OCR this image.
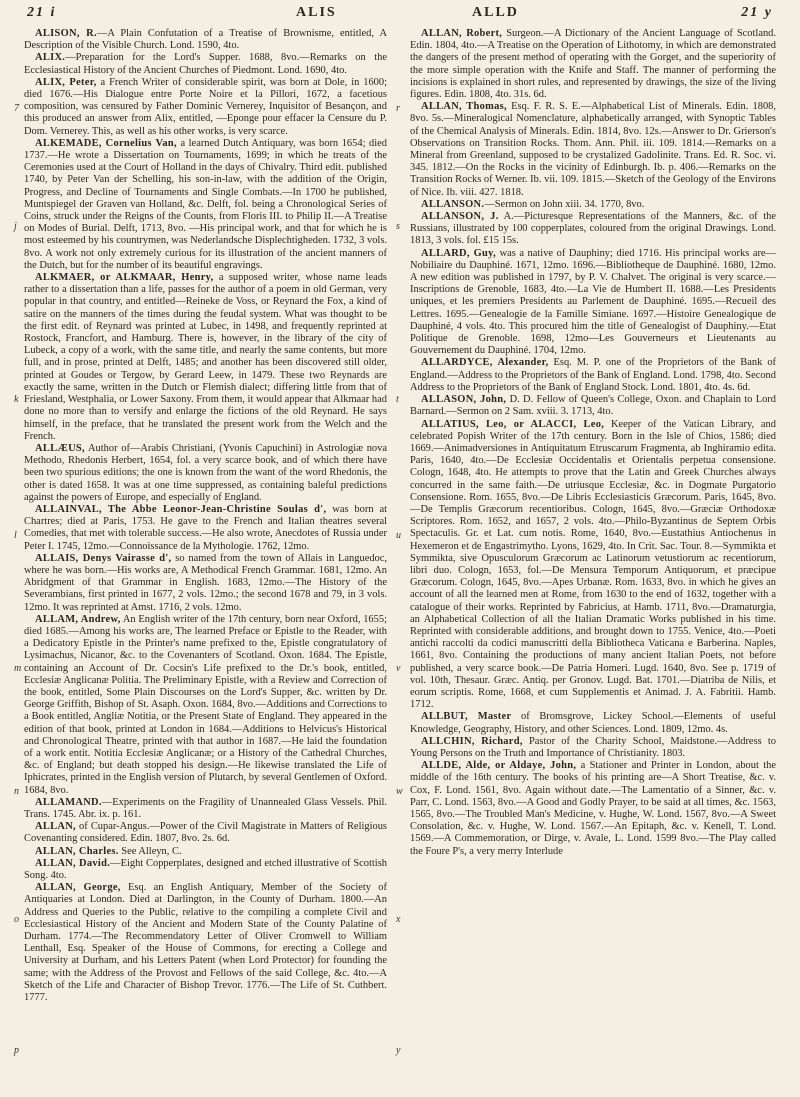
21 i	ALIS	ALLD	21 y
7
j
k
l
m
n
o
p
r
s
t
u
v
w
x
y

ALISON, R.—A Plain Confutation of a Treatise of Brownisme, entitled, A Description of the Visible Church. Lond. 1590, 4to.

ALIX.—Preparation for the Lord's Supper. 1688, 8vo.—Remarks on the Ecclesiastical History of the Ancient Churches of Piedmont. Lond. 1690, 4to.

ALIX, Peter, a French Writer of considerable spirit, was born at Dole, in 1600; died 1676.—His Dialogue entre Porte Noire et la Pillori, 1672, a facetious composition, was censured by Father Dominic Vernerey, Inquisitor of Besançon, and this produced an answer from Alix, entitled, —Eponge pour effacer la Censure du P. Dom. Vernerey. This, as well as his other works, is very scarce.

ALKEMADE, Cornelius Van, a learned Dutch Antiquary, was born 1654; died 1737.—He wrote a Dissertation on Tournaments, 1699; in which he treats of the Ceremonies used at the Court of Holland in the days of Chivalry. Third edit. published 1740, by Peter Van der Schelling, his son-in-law, with the addition of the Origin, Progress, and Decline of Tournaments and Single Combats.—In 1700 he published, Muntspiegel der Graven van Holland, &c. Delft, fol. being a Chronological Series of Coins, struck under the Reigns of the Counts, from Floris III. to Philip II.—A Treatise on Modes of Burial. Delft, 1713, 8vo. —His principal work, and that for which he is most esteemed by his countrymen, was Nederlandsche Displechtigheden. 1732, 3 vols. 8vo. A work not only extremely curious for its illustration of the ancient manners of the Dutch, but for the number of its beautiful engravings.

ALKMAER, or ALKMAAR, Henry, a supposed writer, whose name leads rather to a dissertation than a life, passes for the author of a poem in old German, very popular in that country, and entitled—Reineke de Voss, or Reynard the Fox, a kind of satire on the manners of the times during the feudal system. What was thought to be the first edit. of Reynard was printed at Lubec, in 1498, and frequently reprinted at Rostock, Francfort, and Hamburg. There is, however, in the library of the city of Lubeck, a copy of a work, with the same title, and nearly the same contents, but more full, and in prose, printed at Delft, 1485; and another has been discovered still older, printed at Goudes or Tergow, by Gerard Leew, in 1479. These two Reynards are exactly the same, written in the Dutch or Flemish dialect; differing little from that of Friesland, Westphalia, or Lower Saxony. From them, it would appear that Alkmaar had done no more than to versify and enlarge the fictions of the old Reynard. He says himself, in the preface, that he translated the present work from the Welch and the French.

ALLÆUS, Author of—Arabis Christiani, (Yvonis Capuchini) in Astrologiæ nova Methodo, Rhedonis Herbert, 1654, fol. a very scarce book, and of which there have been two spurious editions; the one is known from the want of the word Rhedonis, the other is dated 1658. It was at one time suppressed, as containing baleful predictions against the powers of Europe, and especially of England.

ALLAINVAL, The Abbe Leonor-Jean-Christine Soulas d', was born at Chartres; died at Paris, 1753. He gave to the French and Italian theatres several Comedies, that met with tolerable success.—He also wrote, Anecdotes of Russia under Peter I. 1745, 12mo.—Connoissance de la Mythologie. 1762, 12mo.

ALLAIS, Denys Vairasse d', so named from the town of Allais in Languedoc, where he was born.—His works are, A Methodical French Grammar. 1681, 12mo. An Abridgment of that Grammar in English. 1683, 12mo.—The History of the Severambians, first printed in 1677, 2 vols. 12mo.; the second 1678 and 79, in 3 vols. 12mo. It was reprinted at Amst. 1716, 2 vols. 12mo.

ALLAM, Andrew, An English writer of the 17th century, born near Oxford, 1655; died 1685.—Among his works are, The learned Preface or Epistle to the Reader, with a Dedicatory Epistle in the Printer's name prefixed to the, Epistle congratulatory of Lysimachus, Nicanor, &c. to the Covenanters of Scotland. Oxon. 1684. The Epistle, containing an Account of Dr. Cocsin's Life prefixed to the Dr.'s book, entitled, Ecclesiæ Anglicanæ Politia. The Preliminary Epistle, with a Review and Correction of the book, entitled, Some Plain Discourses on the Lord's Supper, &c. written by Dr. George Griffith, Bishop of St. Asaph. Oxon. 1684, 8vo.—Additions and Corrections to a Book entitled, Angliæ Notitia, or the Present State of England. They appeared in the edition of that book, printed at London in 1684.—Additions to Helvicus's Historical and Chronological Theatre, printed with that author in 1687.—He laid the foundation of a work entit. Notitia Ecclesiæ Anglicanæ; or a History of the Cathedral Churches, &c. of England; but death stopped his design.—He likewise translated the Life of Iphicrates, printed in the English version of Plutarch, by several Gentlemen of Oxford. 1684, 8vo.

ALLAMAND.—Experiments on the Fragility of Unannealed Glass Vessels. Phil. Trans. 1745. Abr. ix. p. 161.

ALLAN, of Cupar-Angus.—Power of the Civil Magistrate in Matters of Religious Covenanting considered. Edin. 1807, 8vo. 2s. 6d.

ALLAN, Charles. See Alleyn, C.

ALLAN, David.—Eight Copperplates, designed and etched illustrative of Scottish Song. 4to.

ALLAN, George, Esq. an English Antiquary, Member of the Society of Antiquaries at London. Died at Darlington, in the County of Durham. 1800.—An Address and Queries to the Public, relative to the compiling a complete Civil and Ecclesiastical History of the Ancient and Modern State of the County Palatine of Durham. 1774.—The Recommendatory Letter of Oliver Cromwell to William Lenthall, Esq. Speaker of the House of Commons, for erecting a College and University at Durham, and his Letters Patent (when Lord Protector) for founding the same; with the Address of the Provost and Fellows of the said College, &c. 4to.—A Sketch of the Life and Character of Bishop Trevor. 1776.—The Life of St. Cuthbert. 1777.

ALLAN, Robert, Surgeon.—A Dictionary of the Ancient Language of Scotland. Edin. 1804, 4to.—A Treatise on the Operation of Lithotomy, in which are demonstrated the dangers of the present method of operating with the Gorget, and the superiority of the more simple operation with the Knife and Staff. The manner of performing the incisions is explained in short rules, and represented by drawings, the size of the living figures. Edin. 1808, 4to. 31s. 6d.

ALLAN, Thomas, Esq. F. R. S. E.—Alphabetical List of Minerals. Edin. 1808, 8vo. 5s.—Mineralogical Nomenclature, alphabetically arranged, with Synoptic Tables of the Chemical Analysis of Minerals. Edin. 1814, 8vo. 12s.—Answer to Dr. Grierson's Observations on Transition Rocks. Thom. Ann. Phil. iii. 109. 1814.—Remarks on a Mineral from Greenland, supposed to be crystalized Gadolinite. Trans. Ed. R. Soc. vi. 345. 1812.—On the Rocks in the vicinity of Edinburgh. Ib. p. 406.—Remarks on the Transition Rocks of Werner. Ib. vii. 109. 1815.—Sketch of the Geology of the Environs of Nice. Ib. viii. 427. 1818.

ALLANSON.—Sermon on John xiii. 34. 1770, 8vo.

ALLANSON, J. A.—Picturesque Representations of the Manners, &c. of the Russians, illustrated by 100 copperplates, coloured from the original Drawings. Lond. 1813, 3 vols. fol. £15 15s.

ALLARD, Guy, was a native of Dauphiny; died 1716. His principal works are—Nobiliaire du Dauphiné. 1671, 12mo. 1696.—Bibliotheque de Dauphiné. 1680, 12mo. A new edition was published in 1797, by P. V. Chalvet. The original is very scarce.—Inscriptions de Grenoble, 1683, 4to.—La Vie de Humbert II. 1688.—Les Presidents uniques, et les premiers Presidents au Parlement de Dauphiné. 1695.—Recueil des Lettres. 1695.—Genealogie de la Famille Simiane. 1697.—Histoire Genealogique de Dauphiné, 4 vols. 4to. This procured him the title of Genealogist of Dauphiny.—Etat Politique de Grenoble. 1698, 12mo—Les Gouverneurs et Lieutenants au Gouvernement du Dauphiné. 1704, 12mo.

ALLARDYCE, Alexander, Esq. M. P. one of the Proprietors of the Bank of England.—Address to the Proprietors of the Bank of England. Lond. 1798, 4to. Second Address to the Proprietors of the Bank of England Stock. Lond. 1801, 4to. 4s. 6d.

ALLASON, John, D. D. Fellow of Queen's College, Oxon. and Chaplain to Lord Barnard.—Sermon on 2 Sam. xviii. 3. 1713, 4to.

ALLATIUS, Leo, or ALACCI, Leo, Keeper of the Vatican Library, and celebrated Popish Writer of the 17th century. Born in the Isle of Chios, 1586; died 1669.—Animadversiones in Antiquitatum Etruscarum Fragmenta, ab Inghiramio edita. Paris, 1640, 4to.—De Ecclesiæ Occidentalis et Orientalis perpetua consensione. Cologn, 1648, 4to. He attempts to prove that the Latin and Greek Churches always concurred in the same faith.—De utriusque Ecclesiæ, &c. in Dogmate Purgatorio Consensione. Rom. 1655, 8vo.—De Libris Ecclesiasticis Græcorum. Paris, 1645, 8vo.—De Templis Græcorum recentioribus. Cologn, 1645, 8vo.—Græciæ Orthodoxæ Scriptores. Rom. 1652, and 1657, 2 vols. 4to.—Philo-Byzantinus de Septem Orbis Spectaculis. Gr. et Lat. cum notis. Rome, 1640, 8vo.—Eustathius Antiochenus in Hexemeron et de Engastrimytho. Lyons, 1629, 4to. In Crit. Sac. Tour. 8.—Symmikta et Symmikta, sive Opusculorum Græcorum ac Latinorum vetustiorum ac recentiorum, libri duo. Cologn, 1653, fol.—De Mensura Temporum Antiquorum, et præcipue Græcorum. Cologn, 1645, 8vo.—Apes Urbanæ. Rom. 1633, 8vo. in which he gives an account of all the learned men at Rome, from 1630 to the end of 1632, together with a catalogue of their works. Reprinted by Fabricius, at Hamb. 1711, 8vo.—Dramaturgia, an Alphabetical Collection of all the Italian Dramatic Works published in his time. Reprinted with considerable additions, and brought down to 1755. Venice, 4to.—Poeti antichi raccolti da codici manuscritti della Bibliotheca Vaticana e Barberina. Naples, 1661, 8vo. Containing the productions of many ancient Italian Poets, not before published, a very scarce book.—De Patria Homeri. Lugd. 1640, 8vo. See p. 1719 of vol. 10th, Thesaur. Græc. Antiq. per Gronov. Lugd. Bat. 1701.—Diatriba de Nilis, et eorum scriptis. Rome, 1668, et cum Supplementis et Animad. J. A. Fabritii. Hamb. 1712.

ALLBUT, Master of Bromsgrove, Lickey School.—Elements of useful Knowledge, Geography, History, and other Sciences. Lond. 1809, 12mo. 4s.

ALLCHIN, Richard, Pastor of the Charity School, Maidstone.—Address to Young Persons on the Truth and Importance of Christianity. 1803.

ALLDE, Alde, or Aldaye, John, a Stationer and Printer in London, about the middle of the 16th century. The books of his printing are—A Short Treatise, &c. v. Cox, F. Lond. 1561, 8vo. Again without date.—The Lamentatio of a Sinner, &c. v. Parr, C. Lond. 1563, 8vo.—A Good and Godly Prayer, to be said at all times, &c. 1563, 1565, 8vo.—The Troubled Man's Medicine, v. Hughe, W. Lond. 1567, 8vo.—A Sweet Consolation, &c. v. Hughe, W. Lond. 1567.—An Epitaph, &c. v. Kenell, T. Lond. 1569.—A Commemoration, or Dirge, v. Avale, L. Lond. 1599 8vo.—The Play called the Foure P's, a very merry Interlude
